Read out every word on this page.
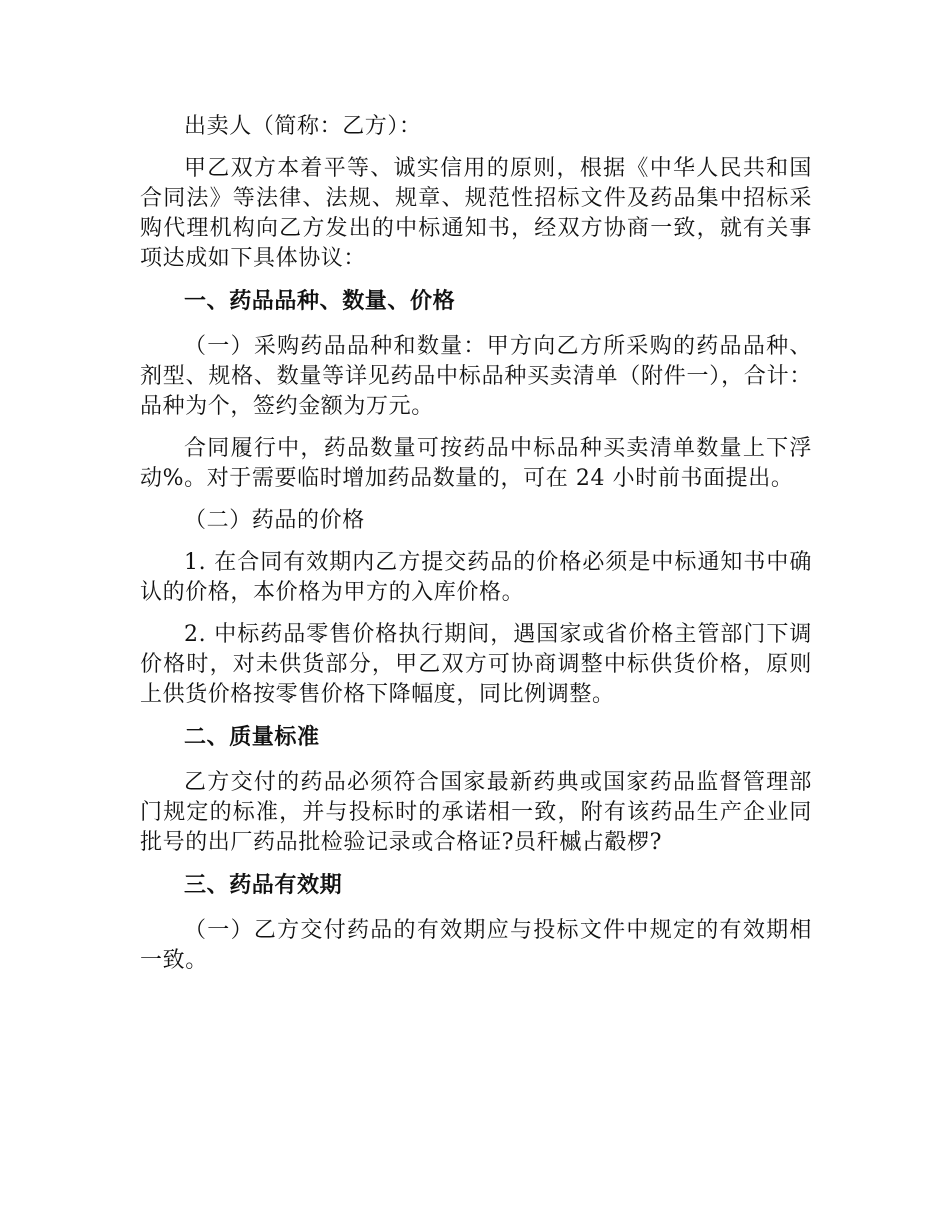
出卖人（简称：乙方）：

甲乙双方本着平等、诚实信用的原则，根据《中华人民共和国合同法》等法律、法规、规章、规范性招标文件及药品集中招标采购代理机构向乙方发出的中标通知书，经双方协商一致，就有关事项达成如下具体协议：

一、药品品种、数量、价格

（一）采购药品品种和数量：甲方向乙方所采购的药品品种、剂型、规格、数量等详见药品中标品种买卖清单（附件一），合计：品种为个，签约金额为万元。

合同履行中，药品数量可按药品中标品种买卖清单数量上下浮动%。对于需要临时增加药品数量的，可在 24 小时前书面提出。

（二）药品的价格

1. 在合同有效期内乙方提交药品的价格必须是中标通知书中确认的价格，本价格为甲方的入库价格。

2. 中标药品零售价格执行期间，遇国家或省价格主管部门下调价格时，对未供货部分，甲乙双方可协商调整中标供货价格，原则上供货价格按零售价格下降幅度，同比例调整。

二、质量标准

乙方交付的药品必须符合国家最新药典或国家药品监督管理部门规定的标准，并与投标时的承诺相一致，附有该药品生产企业同批号的出厂药品批检验记录或合格证?员秆槭占觳椤?

三、药品有效期

（一）乙方交付药品的有效期应与投标文件中规定的有效期相一致。
